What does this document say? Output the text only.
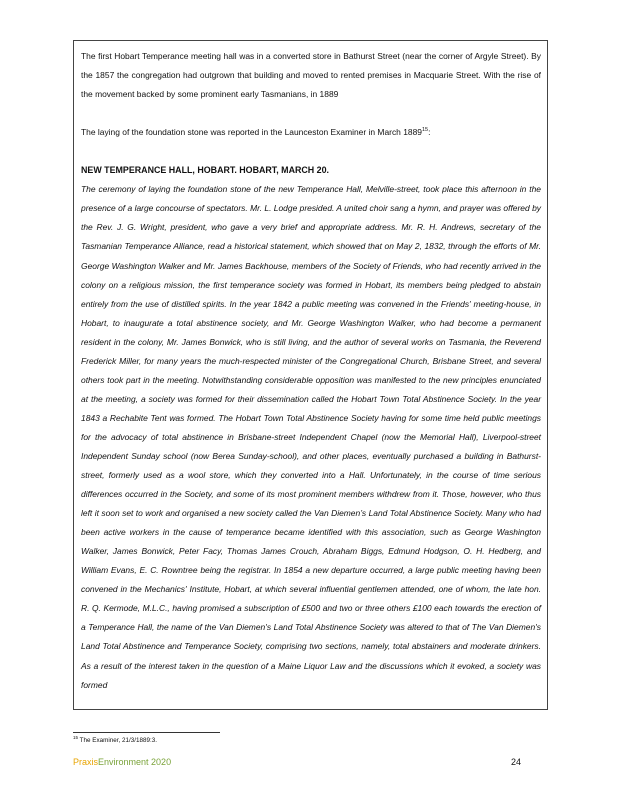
The first Hobart Temperance meeting hall was in a converted store in Bathurst Street (near the corner of Argyle Street). By the 1857 the congregation had outgrown that building and moved to rented premises in Macquarie Street. With the rise of the movement backed by some prominent early Tasmanians, in 1889

The laying of the foundation stone was reported in the Launceston Examiner in March 1889$^{15}$:

NEW TEMPERANCE HALL, HOBART. HOBART, MARCH 20.

The ceremony of laying the foundation stone of the new Temperance Hall, Melville-street, took place this afternoon in the presence of a large concourse of spectators. Mr. L. Lodge presided. A united choir sang a hymn, and prayer was offered by the Rev. J. G. Wright, president, who gave a very brief and appropriate address. Mr. R. H. Andrews, secretary of the Tasmanian Temperance Alliance, read a historical statement, which showed that on May 2, 1832, through the efforts of Mr. George Washington Walker and Mr. James Backhouse, members of the Society of Friends, who had recently arrived in the colony on a religious mission, the first temperance society was formed in Hobart, its members being pledged to abstain entirely from the use of distilled spirits. In the year 1842 a public meeting was convened in the Friends' meeting-house, in Hobart, to inaugurate a total abstinence society, and Mr. George Washington Walker, who had become a permanent resident in the colony, Mr. James Bonwick, who is still living, and the author of several works on Tasmania, the Reverend Frederick Miller, for many years the much-respected minister of the Congregational Church, Brisbane Street, and several others took part in the meeting. Notwithstanding considerable opposition was manifested to the new principles enunciated at the meeting, a society was formed for their dissemination called the Hobart Town Total Abstinence Society. In the year 1843 a Rechabite Tent was formed. The Hobart Town Total Abstinence Society having for some time held public meetings for the advocacy of total abstinence in Brisbane-street Independent Chapel (now the Memorial Hall), Liverpool-street Independent Sunday school (now Berea Sunday-school), and other places, eventually purchased a building in Bathurst-street, formerly used as a wool store, which they converted into a Hall. Unfortunately, in the course of time serious differences occurred in the Society, and some of its most prominent members withdrew from it. Those, however, who thus left it soon set to work and organised a new society called the Van Diemen’s Land Total Abstinence Society. Many who had been active workers in the cause of temperance became identified with this association, such as George Washington Walker, James Bonwick, Peter Facy, Thomas James Crouch, Abraham Biggs, Edmund Hodgson, O. H. Hedberg, and William Evans, E. C. Rowntree being the registrar. In 1854 a new departure occurred, a large public meeting having been convened in the Mechanics' Institute, Hobart, at which several influential gentlemen attended, one of whom, the late hon. R. Q. Kermode, M.L.C., having promised a subscription of £500 and two or three others £100 each towards the erection of a Temperance Hall, the name of the Van Diemen's Land Total Abstinence Society was altered to that of The Van Diemen's Land Total Abstinence and Temperance Society, comprising two sections, namely, total abstainers and moderate drinkers. As a result of the interest taken in the question of a Maine Liquor Law and the discussions which it evoked, a society was formed

$^{15}$ The Examiner, 21/3/1889:3.
PraxisEnvironment 2020	24
